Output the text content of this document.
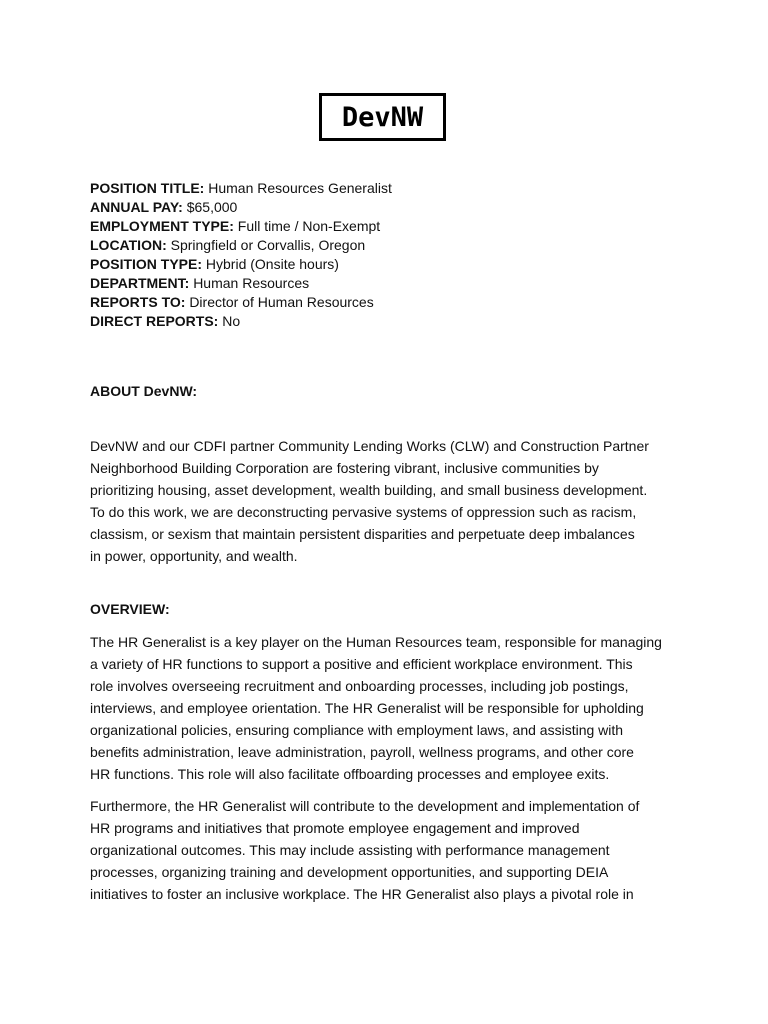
DevNW
POSITION TITLE: Human Resources Generalist
ANNUAL PAY: $65,000
EMPLOYMENT TYPE: Full time / Non-Exempt
LOCATION: Springfield or Corvallis, Oregon
POSITION TYPE: Hybrid (Onsite hours)
DEPARTMENT: Human Resources
REPORTS TO: Director of Human Resources
DIRECT REPORTS: No
ABOUT DevNW:
DevNW and our CDFI partner Community Lending Works (CLW) and Construction Partner
Neighborhood Building Corporation are fostering vibrant, inclusive communities by
prioritizing housing, asset development, wealth building, and small business development.
To do this work, we are deconstructing pervasive systems of oppression such as racism,
classism, or sexism that maintain persistent disparities and perpetuate deep imbalances
in power, opportunity, and wealth.
OVERVIEW:
The HR Generalist is a key player on the Human Resources team, responsible for managing
a variety of HR functions to support a positive and efficient workplace environment. This
role involves overseeing recruitment and onboarding processes, including job postings,
interviews, and employee orientation. The HR Generalist will be responsible for upholding
organizational policies, ensuring compliance with employment laws, and assisting with
benefits administration, leave administration, payroll, wellness programs, and other core
HR functions. This role will also facilitate offboarding processes and employee exits.
Furthermore, the HR Generalist will contribute to the development and implementation of
HR programs and initiatives that promote employee engagement and improved
organizational outcomes. This may include assisting with performance management
processes, organizing training and development opportunities, and supporting DEIA
initiatives to foster an inclusive workplace. The HR Generalist also plays a pivotal role in
